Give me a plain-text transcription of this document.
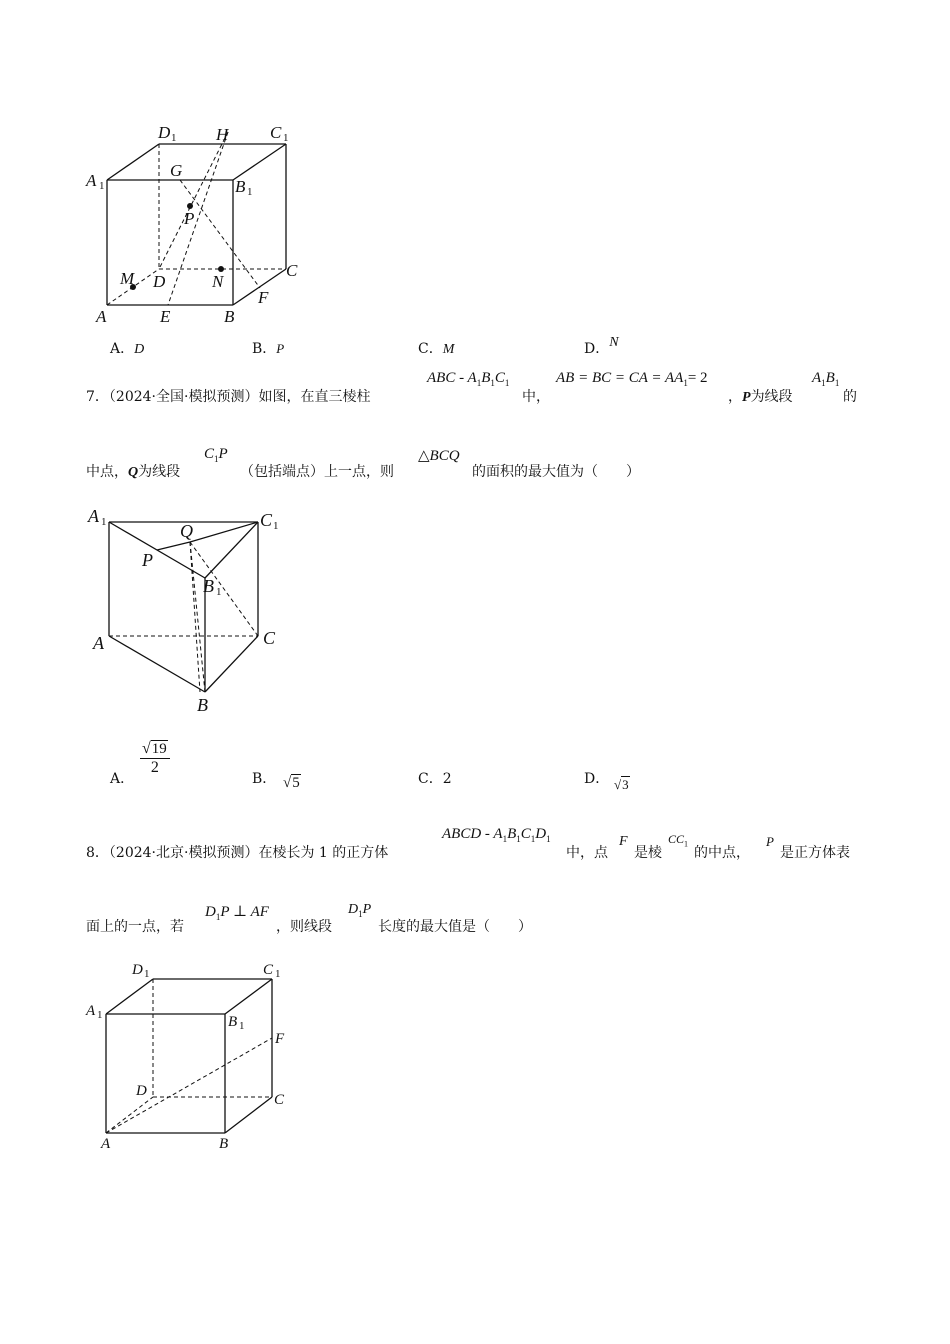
D 1 H C 1
A 1
G
B 1
P
M D	N
C
F
A	E	B
A．D	B．P	C．M	D．N
7．（2024·全国·模拟预测）如图，在直三棱柱
ABC - $A_1B_1C_1$
中，
AB = BC = CA = $AA_1= 2$
，P为线段
$A_1B_1$
的
中点，Q为线段
$C_1P$
（包括端点）上一点，则
△BCQ
的面积的最大值为（　　）
A 1	C 1
Q
P
B 1
A	C
B
A．
$\frac{√19}{2}$
B． √5	C．2	D． √3
8．（2024·北京·模拟预测）在棱长为 1 的正方体
ABCD - $A_1B_1C_1D_1$
中，点
F
是棱
$CC_1$
的中点，
P
是正方体表
面上的一点，若
$D_1P$ ⊥ AF
，则线段
$D_1P$
长度的最大值是（　　）
D 1	C 1
A 1	B 1
F
D
C
A	B
